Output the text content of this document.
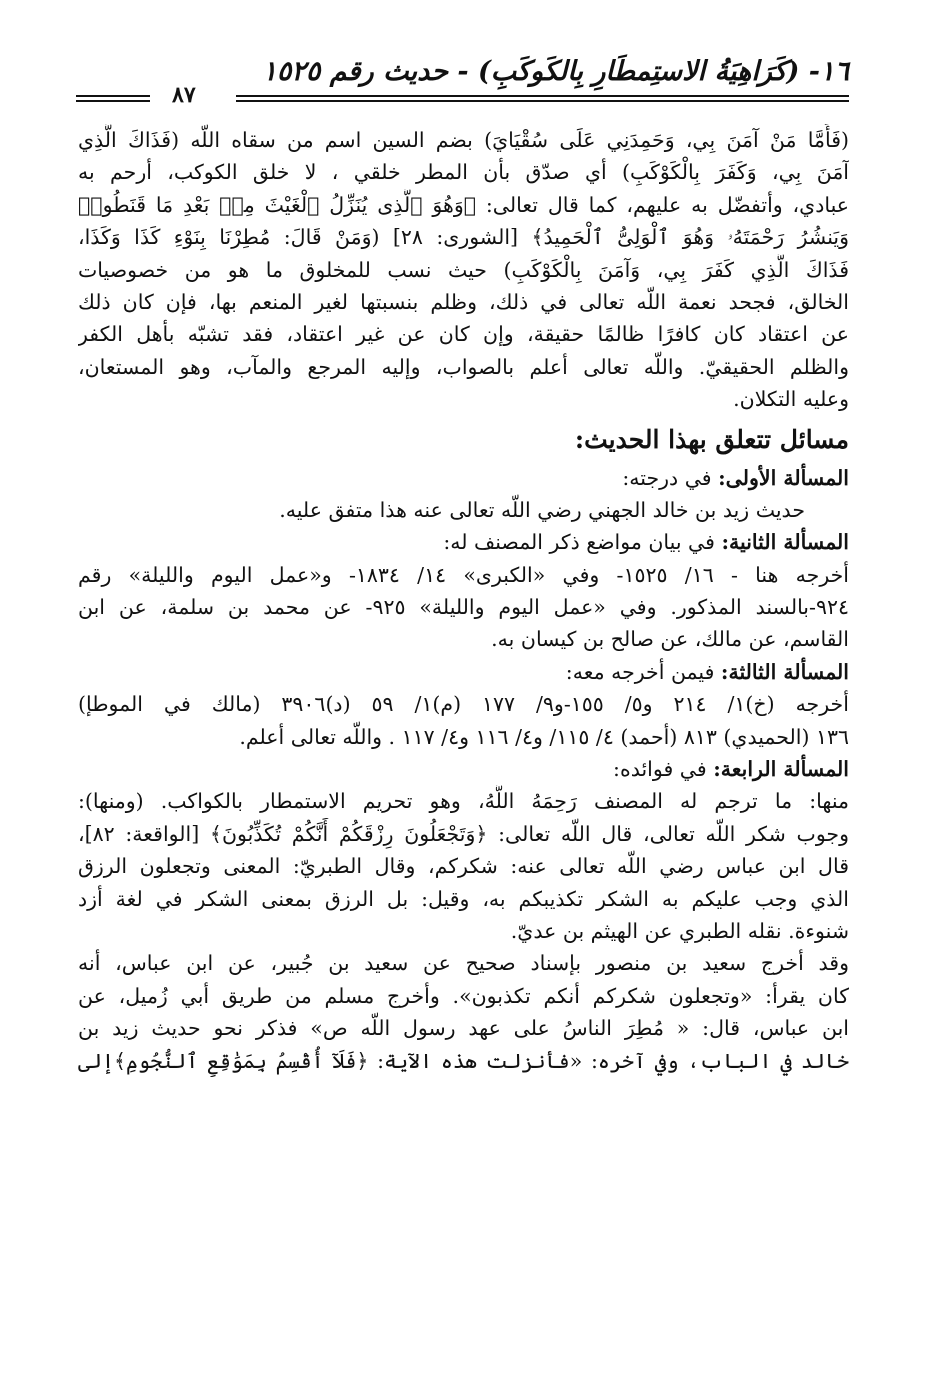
١٦- (كَرَاهِيَةُ الاستِمطَارِ بِالكَوكَبِ) - حديث رقم ١٥٢٥
٨٧
(فَأَمَّا مَنْ آمَنَ بِي، وَحَمِدَنِي عَلَى سُقْيَايَ) بضم السين اسم من سقاه اللّه (فَذَاكَ الَّذِي
آمَنَ بِي، وَكَفَرَ بِالْكَوْكَبِ) أي صدّق بأن المطر خلقي ، لا خلق الكوكب، أرحم به
عبادي، وأتفضّل به عليهم، كما قال تعالى: ﴿وَهُوَ ٱلَّذِى يُنَزِّلُ ٱلْغَيْثَ مِنۢ بَعْدِ مَا قَنَطُوا۟
وَيَنشُرُ رَحْمَتَهُۥ وَهُوَ ٱلْوَلِىُّ ٱلْحَمِيدُ﴾ [الشورى: ٢٨] (وَمَنْ قَالَ: مُطِرْنَا بِنَوْءِ كَذَا وَكَذَا،
فَذَاكَ الَّذِي كَفَرَ بِي، وَآمَنَ بِالْكَوْكَبِ) حيث نسب للمخلوق ما هو من خصوصيات
الخالق، فجحد نعمة اللّه تعالى في ذلك، وظلم بنسبتها لغير المنعم بها، فإن كان ذلك
عن اعتقاد كان كافرًا ظالمًا حقيقة، وإن كان عن غير اعتقاد، فقد تشبّه بأهل الكفر
والظلم الحقيقيّ. واللّه تعالى أعلم بالصواب، وإليه المرجع والمآب، وهو المستعان،
وعليه التكلان.
مسائل تتعلق بهذا الحديث:
المسألة الأولى: في درجته:
حديث زيد بن خالد الجهني رضي اللّه تعالى عنه هذا متفق عليه.
المسألة الثانية: في بيان مواضع ذكر المصنف له:
أخرجه هنا - ١٦/ ١٥٢٥- وفي «الكبرى» ١٤/ ١٨٣٤- و«عمل اليوم والليلة» رقم
٩٢٤-بالسند المذكور. وفي «عمل اليوم والليلة» ٩٢٥- عن محمد بن سلمة، عن ابن
القاسم، عن مالك، عن صالح بن كيسان به.
المسألة الثالثة: فيمن أخرجه معه:
أخرجه (خ)١/ ٢١٤ و٥/ ١٥٥-و٩/ ١٧٧ (م)١/ ٥٩ (د)٣٩٠٦ (مالك في الموطإ)
١٣٦ (الحميدي) ٨١٣ (أحمد) ٤/ ١١٥/ و٤/ ١١٦ و٤/ ١١٧ . واللّه تعالى أعلم.
المسألة الرابعة: في فوائده:
منها: ما ترجم له المصنف رَحِمَهُ اللَّهُ، وهو تحريم الاستمطار بالكواكب. (ومنها):
وجوب شكر اللّه تعالى، قال اللّه تعالى: ﴿وَتَجْعَلُونَ رِزْقَكُمْ أَنَّكُمْ تُكَذِّبُونَ﴾ [الواقعة: ٨٢]،
قال ابن عباس رضي اللّه تعالى عنه: شكركم، وقال الطبريّ: المعنى وتجعلون الرزق
الذي وجب عليكم به الشكر تكذيبكم به، وقيل: بل الرزق بمعنى الشكر في لغة أزد
شنوءة. نقله الطبري عن الهيثم بن عديّ.
وقد أخرج سعيد بن منصور بإسناد صحيح عن سعيد بن جُبير، عن ابن عباس، أنه
كان يقرأ: «وتجعلون شكركم أنكم تكذبون». وأخرج مسلم من طريق أبي زُميل، عن
ابن عباس، قال: « مُطِرَ الناسُ على عهد رسول اللّه ص» فذكر نحو حديث زيد بن
خالد في الباب، وفي آخره: «فأنزلت هذه الآية: ﴿فَلَآ أُقْسِمُ بِمَوَٰقِعِ ٱلنُّجُومِ﴾إلى
